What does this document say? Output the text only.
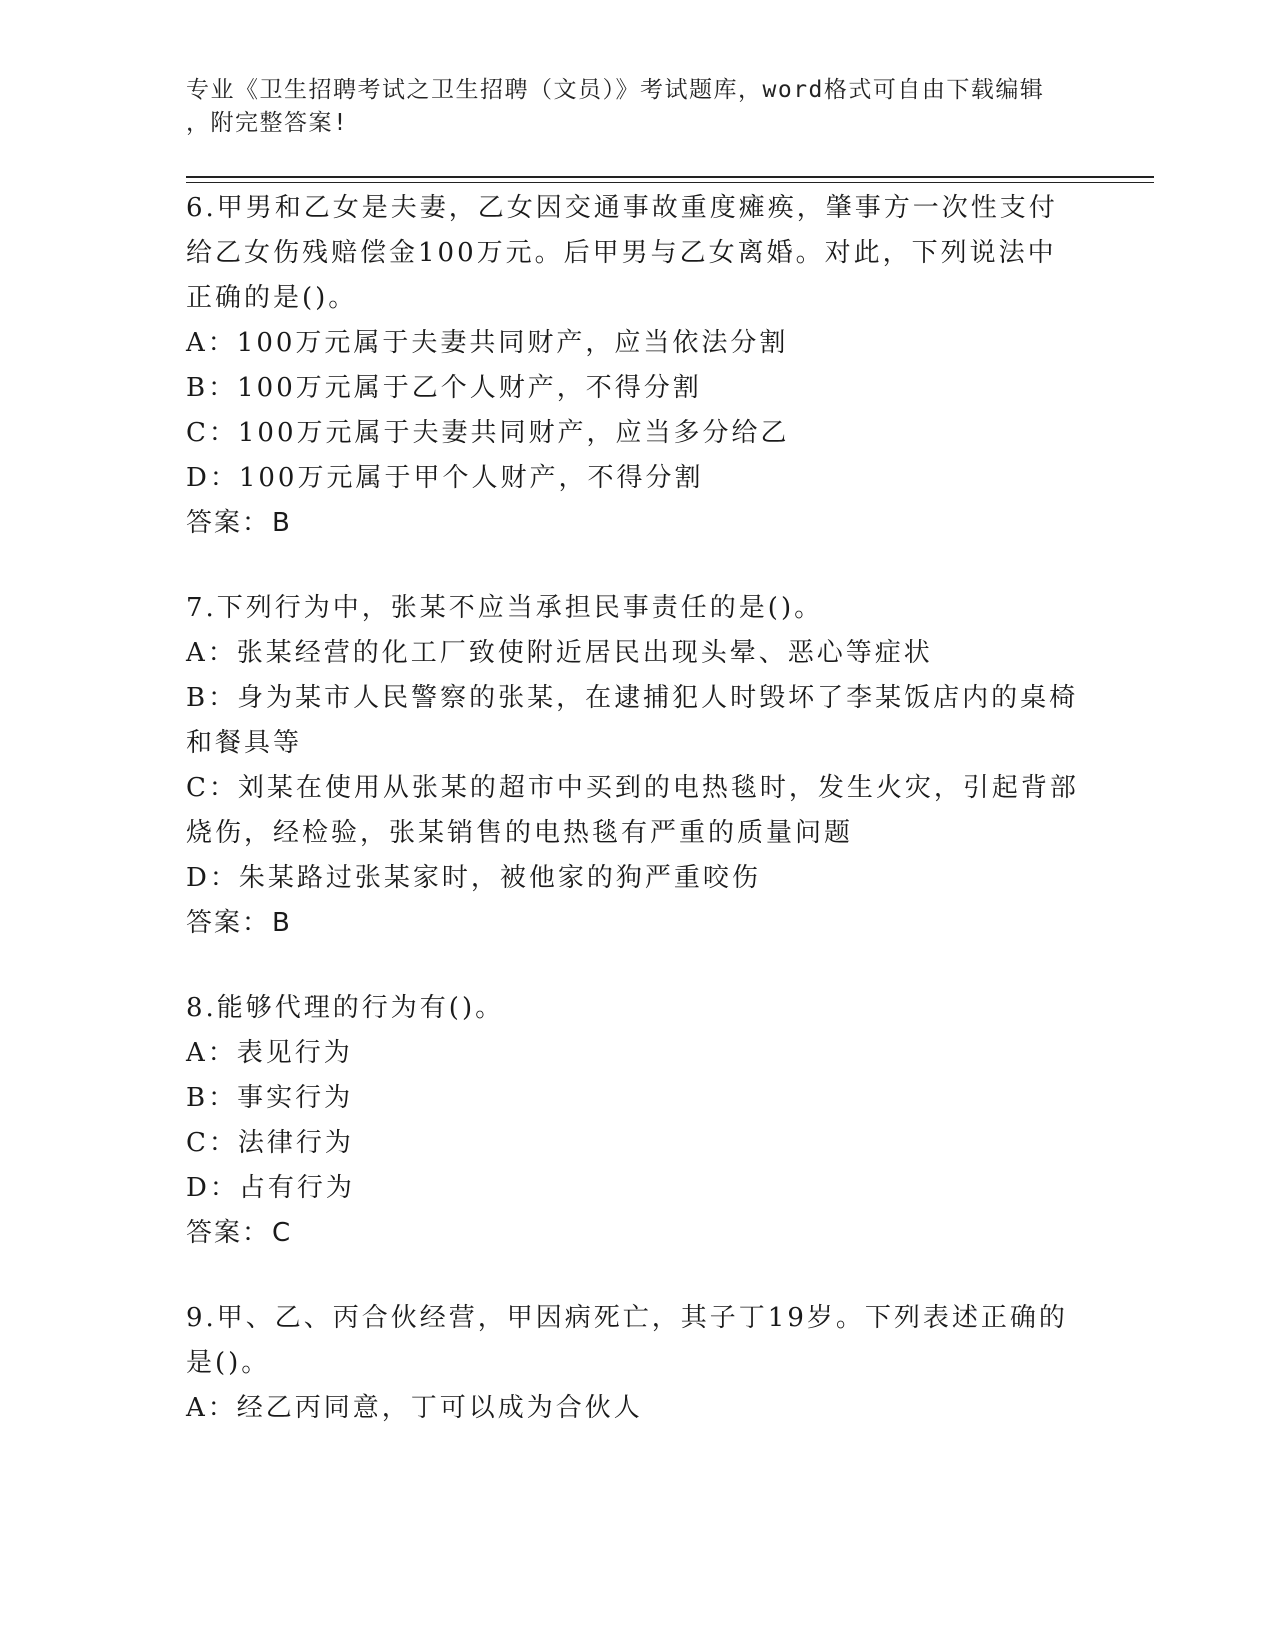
专业《卫生招聘考试之卫生招聘（文员）》考试题库，word格式可自由下载编辑
，附完整答案!
6.甲男和乙女是夫妻，乙女因交通事故重度瘫痪，肇事方一次性支付
给乙女伤残赔偿金100万元。后甲男与乙女离婚。对此，下列说法中
正确的是()。
A：100万元属于夫妻共同财产，应当依法分割
B：100万元属于乙个人财产，不得分割
C：100万元属于夫妻共同财产，应当多分给乙
D：100万元属于甲个人财产，不得分割
答案：B
7.下列行为中，张某不应当承担民事责任的是()。
A：张某经营的化工厂致使附近居民出现头晕、恶心等症状
B：身为某市人民警察的张某，在逮捕犯人时毁坏了李某饭店内的桌椅
和餐具等
C：刘某在使用从张某的超市中买到的电热毯时，发生火灾，引起背部
烧伤，经检验，张某销售的电热毯有严重的质量问题
D：朱某路过张某家时，被他家的狗严重咬伤
答案：B
8.能够代理的行为有()。
A：表见行为
B：事实行为
C：法律行为
D：占有行为
答案：C
9.甲、乙、丙合伙经营，甲因病死亡，其子丁19岁。下列表述正确的
是()。
A：经乙丙同意，丁可以成为合伙人
